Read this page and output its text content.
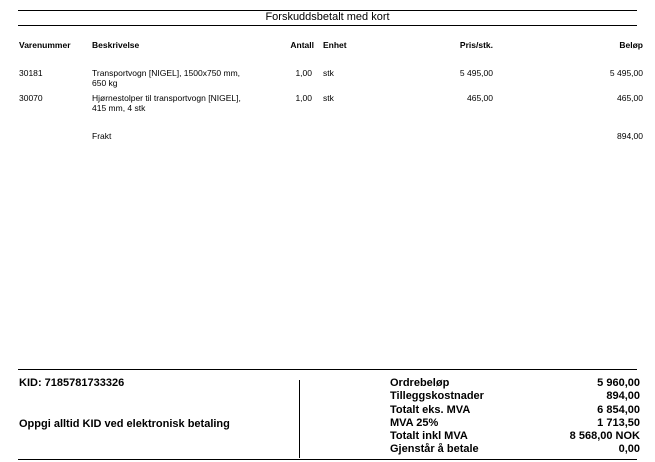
Forskuddsbetalt med kort
Varenummer	Beskrivelse	Antall Enhet	Pris/stk.	Beløp
30181	Transportvogn [NIGEL], 1500x750 mm,
650 kg
1,00 stk	5 495,00	5 495,00
30070	Hjørnestolper til transportvogn [NIGEL],
415 mm, 4 stk
1,00 stk	465,00	465,00
Frakt	894,00
KID: 7185781733326
Oppgi alltid KID ved elektronisk betaling
Ordrebeløp	5 960,00
Tilleggskostnader	894,00
Totalt eks. MVA	6 854,00
MVA 25%	1 713,50
Totalt inkl MVA	8 568,00 NOK
Gjenstår å betale	0,00
